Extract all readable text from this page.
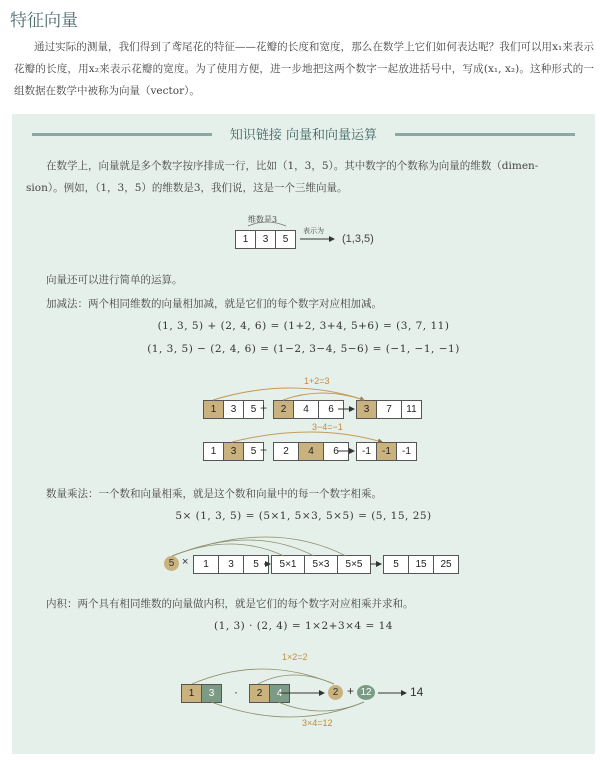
特征向量
通过实际的测量，我们得到了鸢尾花的特征——花瓣的长度和宽度，那么在数学上它们如何表达呢？我们可以用x₁来表示花瓣的长度，用x₂来表示花瓣的宽度。为了使用方便，进一步地把这两个数字一起放进括号中，写成(x₁, x₂)。这种形式的一组数据在数学中被称为向量（vector）。
知识链接 向量和向量运算
在数学上，向量就是多个数字按序排成一行，比如（1，3，5）。其中数字的个数称为向量的维数（dimen-
sion）。例如，（1，3，5）的维数是3，我们说，这是一个三维向量。
维数是3
1	3	5
表示为
(1,3,5)
向量还可以进行简单的运算。
加减法：两个相同维数的向量相加减，就是它们的每个数字对应相加减。
(1, 3, 5) + (2, 4, 6) = (1+2, 3+4, 5+6) = (3, 7, 11)
(1, 3, 5) − (2, 4, 6) = (1−2, 3−4, 5−6) = (−1, −1, −1)
1+2=3
1	3	5 +	2	4	6	3	7	11
3−4=−1
1	3	5 −	2	4	6	-1	-1	-1
数量乘法：一个数和向量相乘，就是这个数和向量中的每一个数字相乘。
5× (1, 3, 5) = (5×1, 5×3, 5×5) = (5, 15, 25)
5 ×	1	3	5	5×1	5×3	5×5	5	15	25
内积：两个具有相同维数的向量做内积，就是它们的每个数字对应相乘并求和。
(1, 3) · (2, 4) = 1×2+3×4 = 14
1×2=2
1	3	·	2	4	2 + 12	14
3×4=12
